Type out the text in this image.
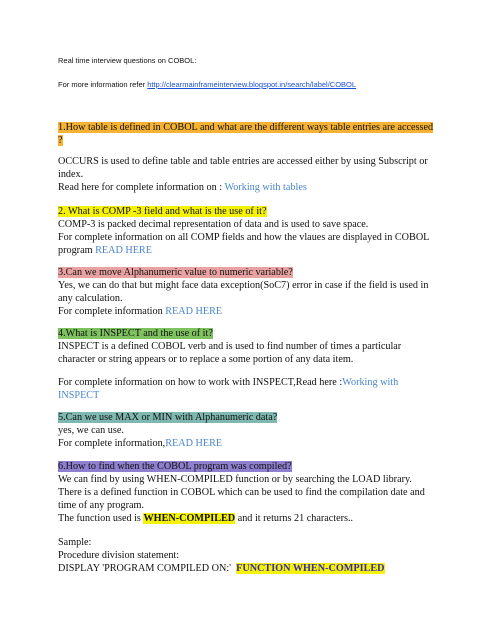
Real time interview questions on COBOL:
For more information refer http://clearmainframeinterview.blogspot.in/search/label/COBOL
1.How table is defined in COBOL and what are the different ways table entries are accessed
?
OCCURS is used to define table and table entries are accessed either by using Subscript or
index.
Read here for complete information on : Working with tables
2. What is COMP -3 field and what is the use of it?
COMP-3 is packed decimal representation of data and is used to save space.
For complete information on all COMP fields and how the vlaues are displayed in COBOL
program READ HERE
3.Can we move Alphanumeric value to numeric variable?
Yes, we can do that but might face data exception(SoC7) error in case if the field is used in
any calculation.
For complete information READ HERE
4.What is INSPECT and the use of it?
INSPECT is a defined COBOL verb and is used to find number of times a particular
character or string appears or to replace a some portion of any data item.
For complete information on how to work with INSPECT,Read here :Working with
INSPECT
5.Can we use MAX or MIN with Alphanumeric data?
yes, we can use.
For complete information,READ HERE
6.How to find when the COBOL program was compiled?
We can find by using WHEN-COMPILED function or by searching the LOAD library.
There is a defined function in COBOL which can be used to find the compilation date and
time of any program.
The function used is WHEN-COMPILED and it returns 21 characters..
Sample:
Procedure division statement:
DISPLAY 'PROGRAM COMPILED ON:'  FUNCTION WHEN-COMPILED
